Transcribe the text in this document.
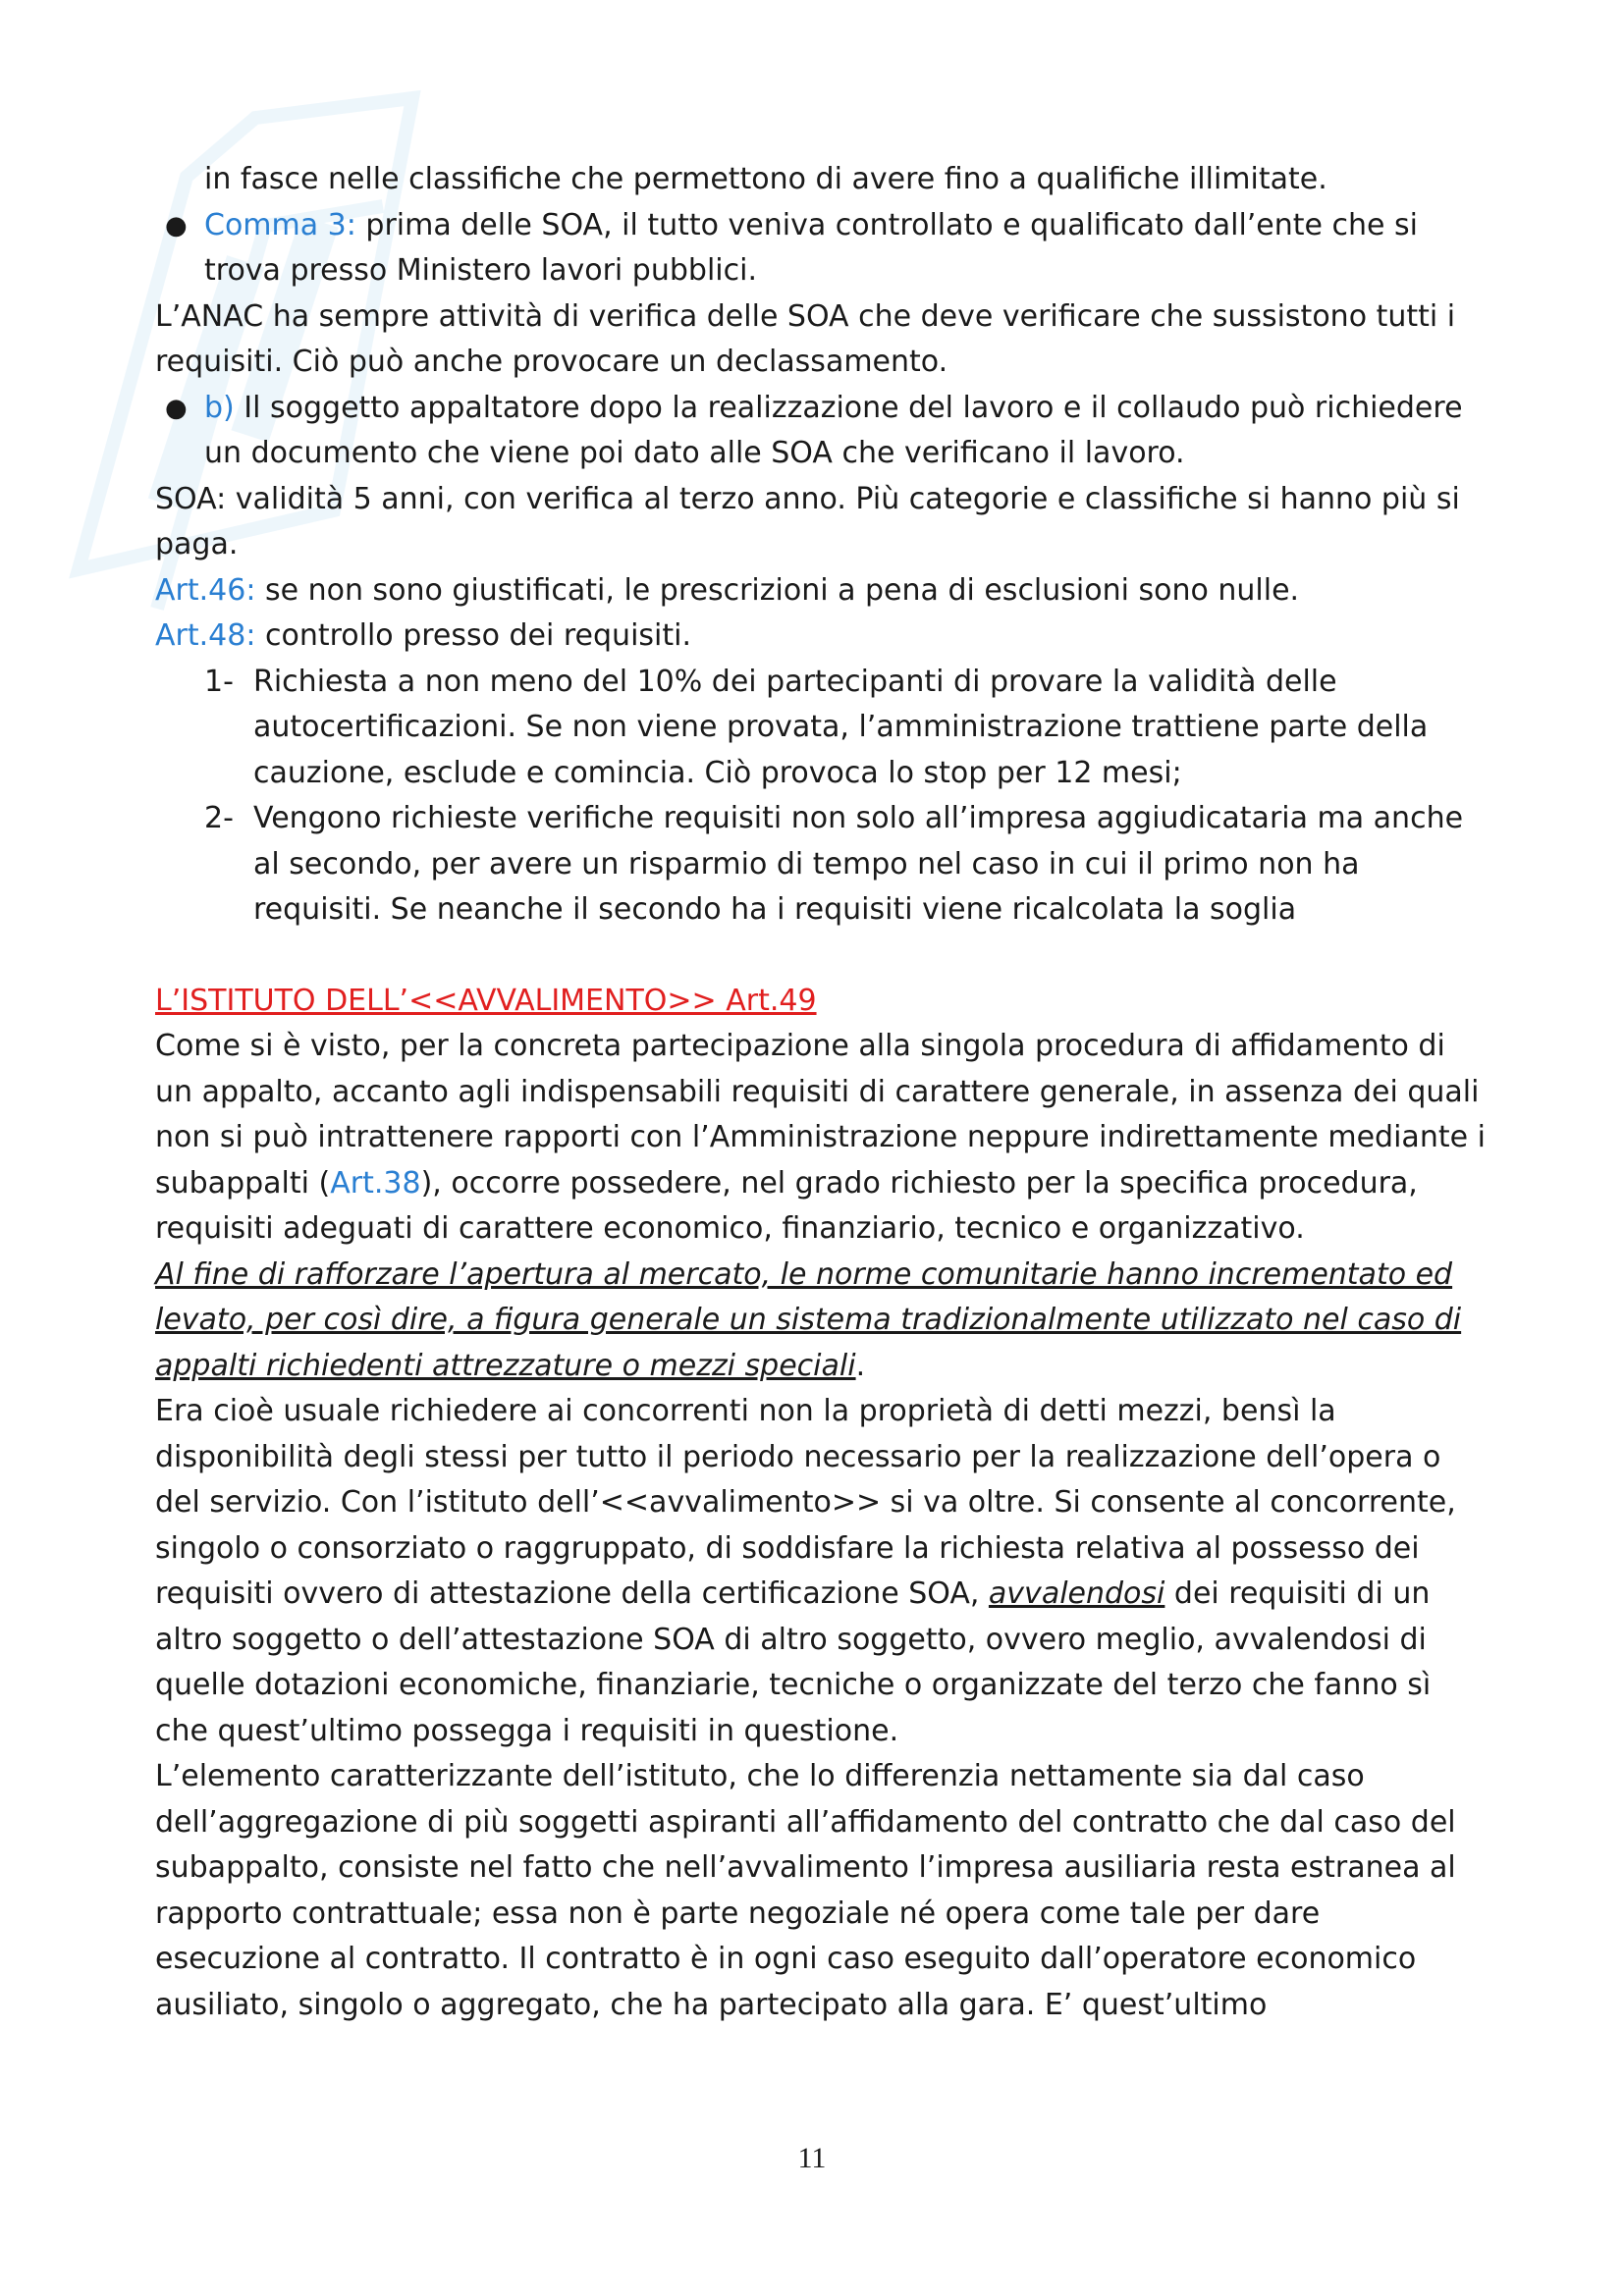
in fasce nelle classifiche che permettono di avere fino a qualifiche illimitate.

● Comma 3: prima delle SOA, il tutto veniva controllato e qualificato dall’ente che si trova presso Ministero lavori pubblici.

L’ANAC ha sempre attività di verifica delle SOA che deve verificare che sussistono tutti i requisiti. Ciò può anche provocare un declassamento.

● b) Il soggetto appaltatore dopo la realizzazione del lavoro e il collaudo può richiedere un documento che viene poi dato alle SOA che verificano il lavoro.

SOA: validità 5 anni, con verifica al terzo anno. Più categorie e classifiche si hanno più si paga.

Art.46: se non sono giustificati, le prescrizioni a pena di esclusioni sono nulle.

Art.48: controllo presso dei requisiti.

1- Richiesta a non meno del 10% dei partecipanti di provare la validità delle autocertificazioni. Se non viene provata, l’amministrazione trattiene parte della cauzione, esclude e comincia. Ciò provoca lo stop per 12 mesi;

2- Vengono richieste verifiche requisiti non solo all’impresa aggiudicataria ma anche al secondo, per avere un risparmio di tempo nel caso in cui il primo non ha requisiti. Se neanche il secondo ha i requisiti viene ricalcolata la soglia

L’ISTITUTO DELL’<<AVVALIMENTO>> Art.49

Come si è visto, per la concreta partecipazione alla singola procedura di affidamento di un appalto, accanto agli indispensabili requisiti di carattere generale, in assenza dei quali non si può intrattenere rapporti con l’Amministrazione neppure indirettamente mediante i subappalti (Art.38), occorre possedere, nel grado richiesto per la specifica procedura, requisiti adeguati di carattere economico, finanziario, tecnico e organizzativo.

Al fine di rafforzare l’apertura al mercato, le norme comunitarie hanno incrementato ed levato, per così dire, a figura generale un sistema tradizionalmente utilizzato nel caso di appalti richiedenti attrezzature o mezzi speciali.

Era cioè usuale richiedere ai concorrenti non la proprietà di detti mezzi, bensì la disponibilità degli stessi per tutto il periodo necessario per la realizzazione dell’opera o del servizio. Con l’istituto dell’<<avvalimento>> si va oltre. Si consente al concorrente, singolo o consorziato o raggruppato, di soddisfare la richiesta relativa al possesso dei requisiti ovvero di attestazione della certificazione SOA, avvalendosi dei requisiti di un altro soggetto o dell’attestazione SOA di altro soggetto, ovvero meglio, avvalendosi di quelle dotazioni economiche, finanziarie, tecniche o organizzate del terzo che fanno sì che quest’ultimo possegga i requisiti in questione.

L’elemento caratterizzante dell’istituto, che lo differenzia nettamente sia dal caso dell’aggregazione di più soggetti aspiranti all’affidamento del contratto che dal caso del subappalto, consiste nel fatto che nell’avvalimento l’impresa ausiliaria resta estranea al rapporto contrattuale; essa non è parte negoziale né opera come tale per dare esecuzione al contratto. Il contratto è in ogni caso eseguito dall’operatore economico ausiliato, singolo o aggregato, che ha partecipato alla gara. E’ quest’ultimo

11
